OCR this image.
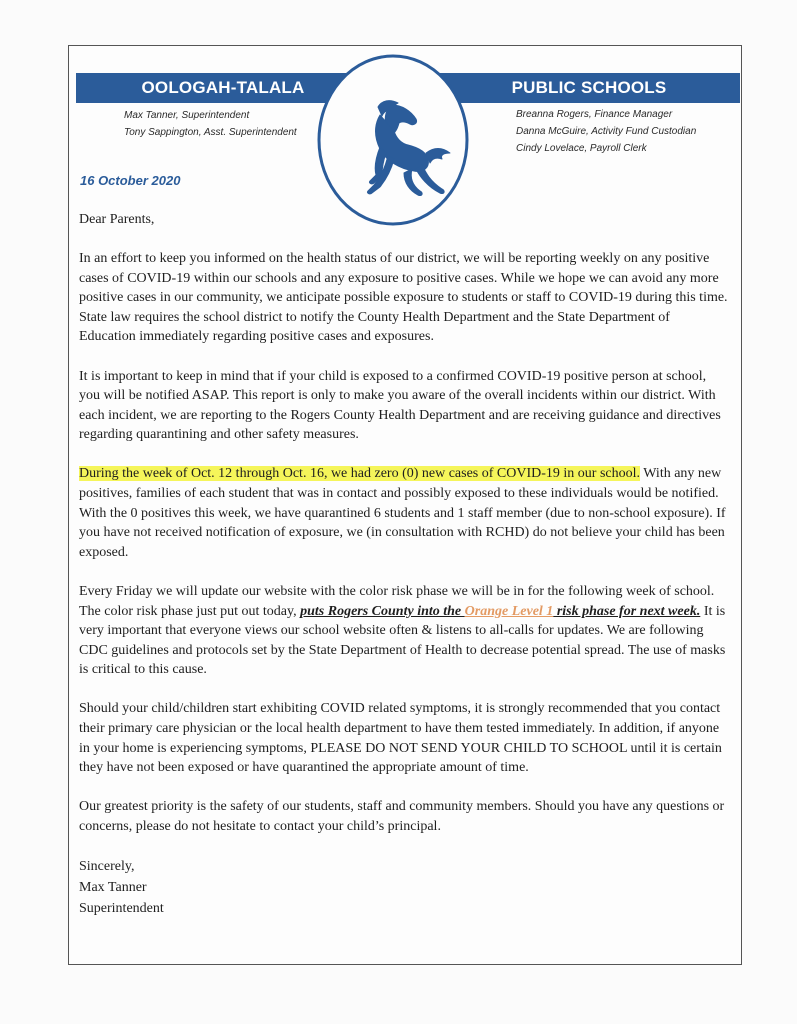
OOLOGAH-TALALA	PUBLIC SCHOOLS
Max Tanner, Superintendent
Tony Sappington, Asst. Superintendent
Breanna Rogers, Finance Manager
Danna McGuire, Activity Fund Custodian
Cindy Lovelace, Payroll Clerk
16 October 2020

Dear Parents,

In an effort to keep you informed on the health status of our district, we will be reporting weekly on any positive cases of COVID-19 within our schools and any exposure to positive cases. While we hope we can avoid any more positive cases in our community, we anticipate possible exposure to students or staff to COVID-19 during this time. State law requires the school district to notify the County Health Department and the State Department of Education immediately regarding positive cases and exposures.

It is important to keep in mind that if your child is exposed to a confirmed COVID-19 positive person at school, you will be notified ASAP. This report is only to make you aware of the overall incidents within our district. With each incident, we are reporting to the Rogers County Health Department and are receiving guidance and directives regarding quarantining and other safety measures.

During the week of Oct. 12 through Oct. 16, we had zero (0) new cases of COVID-19 in our school. With any new positives, families of each student that was in contact and possibly exposed to these individuals would be notified. With the 0 positives this week, we have quarantined 6 students and 1 staff member (due to non-school exposure). If you have not received notification of exposure, we (in consultation with RCHD) do not believe your child has been exposed.

Every Friday we will update our website with the color risk phase we will be in for the following week of school. The color risk phase just put out today, puts Rogers County into the Orange Level 1 risk phase for next week. It is very important that everyone views our school website often & listens to all-calls for updates. We are following CDC guidelines and protocols set by the State Department of Health to decrease potential spread. The use of masks is critical to this cause.

Should your child/children start exhibiting COVID related symptoms, it is strongly recommended that you contact their primary care physician or the local health department to have them tested immediately. In addition, if anyone in your home is experiencing symptoms, PLEASE DO NOT SEND YOUR CHILD TO SCHOOL until it is certain they have not been exposed or have quarantined the appropriate amount of time.

Our greatest priority is the safety of our students, staff and community members. Should you have any questions or concerns, please do not hesitate to contact your child’s principal.

Sincerely,
Max Tanner
Superintendent
